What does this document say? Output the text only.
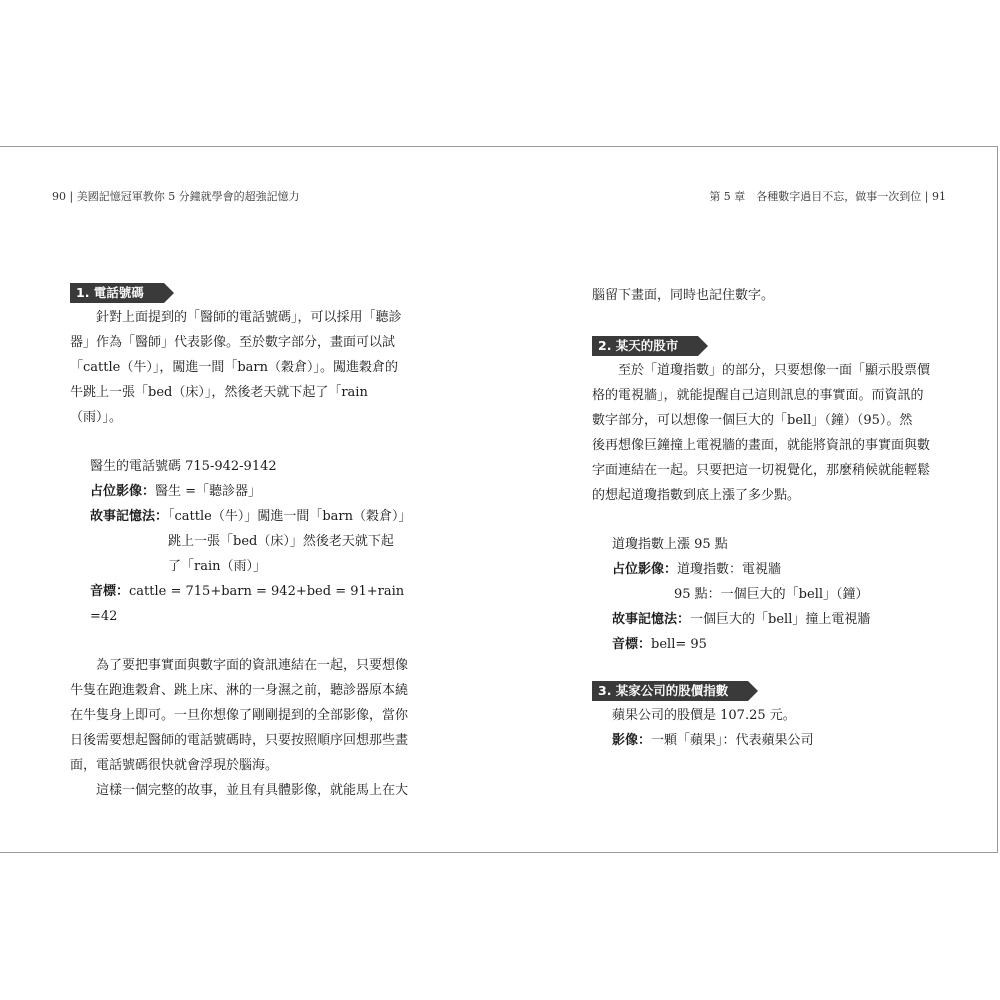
90 | 美國記憶冠軍教你 5 分鐘就學會的超強記憶力	第 5 章　各種數字過目不忘，做事一次到位 | 91
1. 電話號碼

針對上面提到的「醫師的電話號碼」，可以採用「聽診

器」作為「醫師」代表影像。至於數字部分，畫面可以試

「cattle（牛）」，闖進一間「barn（穀倉）」。闖進穀倉的

牛跳上一張「bed（床）」，然後老天就下起了「rain（雨）」。

醫生的電話號碼 715-942-9142

占位影像：醫生 =「聽診器」

故事記憶法：「cattle（牛）」闖進一間「barn（穀倉）」

跳上一張「bed（床）」然後老天就下起

了「rain（雨）」

音標：cattle = 715+barn = 942+bed = 91+rain =42

為了要把事實面與數字面的資訊連結在一起，只要想像

牛隻在跑進穀倉、跳上床、淋的一身濕之前，聽診器原本繞

在牛隻身上即可。一旦你想像了剛剛提到的全部影像，當你

日後需要想起醫師的電話號碼時，只要按照順序回想那些畫

面，電話號碼很快就會浮現於腦海。

這樣一個完整的故事，並且有具體影像，就能馬上在大

腦留下畫面，同時也記住數字。

2. 某天的股市

至於「道瓊指數」的部分，只要想像一面「顯示股票價

格的電視牆」，就能提醒自己這則訊息的事實面。而資訊的

數字部分，可以想像一個巨大的「bell」（鐘）（95）。然

後再想像巨鐘撞上電視牆的畫面，就能將資訊的事實面與數

字面連結在一起。只要把這一切視覺化，那麼稍候就能輕鬆

的想起道瓊指數到底上漲了多少點。

道瓊指數上漲 95 點

占位影像：道瓊指數：電視牆

95 點：一個巨大的「bell」（鐘）

故事記憶法：一個巨大的「bell」撞上電視牆

音標：bell= 95

3. 某家公司的股價指數

蘋果公司的股價是 107.25 元。

影像：一顆「蘋果」：代表蘋果公司
